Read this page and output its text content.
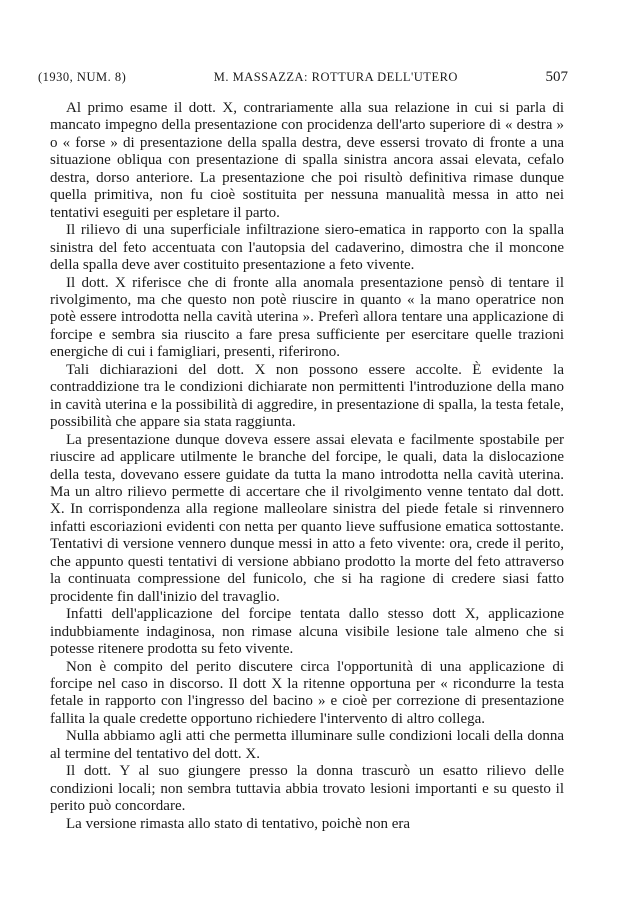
(1930, NUM. 8)	M. MASSAZZA: ROTTURA DELL'UTERO	507

Al primo esame il dott. X, contrariamente alla sua relazione in cui si parla di mancato impegno della presentazione con procidenza dell'arto superiore di « destra » o « forse » di presentazione della spalla destra, deve essersi trovato di fronte a una situazione obliqua con presentazione di spalla sinistra ancora assai elevata, cefalo destra, dorso anteriore. La presentazione che poi risultò definitiva rimase dunque quella primitiva, non fu cioè sostituita per nessuna manualità messa in atto nei tentativi eseguiti per espletare il parto.

Il rilievo di una superficiale infiltrazione siero-ematica in rapporto con la spalla sinistra del feto accentuata con l'autopsia del cadaverino, dimostra che il moncone della spalla deve aver costituito presentazione a feto vivente.

Il dott. X riferisce che di fronte alla anomala presentazione pensò di tentare il rivolgimento, ma che questo non potè riuscire in quanto « la mano operatrice non potè essere introdotta nella cavità uterina ». Preferì allora tentare una applicazione di forcipe e sembra sia riuscito a fare presa sufficiente per esercitare quelle trazioni energiche di cui i famigliari, presenti, riferirono.

Tali dichiarazioni del dott. X non possono essere accolte. È evidente la contraddizione tra le condizioni dichiarate non permittenti l'introduzione della mano in cavità uterina e la possibilità di aggredire, in presentazione di spalla, la testa fetale, possibilità che appare sia stata raggiunta.

La presentazione dunque doveva essere assai elevata e facilmente spostabile per riuscire ad applicare utilmente le branche del forcipe, le quali, data la dislocazione della testa, dovevano essere guidate da tutta la mano introdotta nella cavità uterina. Ma un altro rilievo permette di accertare che il rivolgimento venne tentato dal dott. X. In corrispondenza alla regione malleolare sinistra del piede fetale si rinvennero infatti escoriazioni evidenti con netta per quanto lieve suffusione ematica sottostante. Tentativi di versione vennero dunque messi in atto a feto vivente: ora, crede il perito, che appunto questi tentativi di versione abbiano prodotto la morte del feto attraverso la continuata compressione del funicolo, che si ha ragione di credere siasi fatto procidente fin dall'inizio del travaglio.

Infatti dell'applicazione del forcipe tentata dallo stesso dott X, applicazione indubbiamente indaginosa, non rimase alcuna visibile lesione tale almeno che si potesse ritenere prodotta su feto vivente.

Non è compito del perito discutere circa l'opportunità di una applicazione di forcipe nel caso in discorso. Il dott X la ritenne opportuna per « ricondurre la testa fetale in rapporto con l'ingresso del bacino » e cioè per correzione di presentazione fallita la quale credette opportuno richiedere l'intervento di altro collega.

Nulla abbiamo agli atti che permetta illuminare sulle condizioni locali della donna al termine del tentativo del dott. X.

Il dott. Y al suo giungere presso la donna trascurò un esatto rilievo delle condizioni locali; non sembra tuttavia abbia trovato lesioni importanti e su questo il perito può concordare.

La versione rimasta allo stato di tentativo, poichè non era
